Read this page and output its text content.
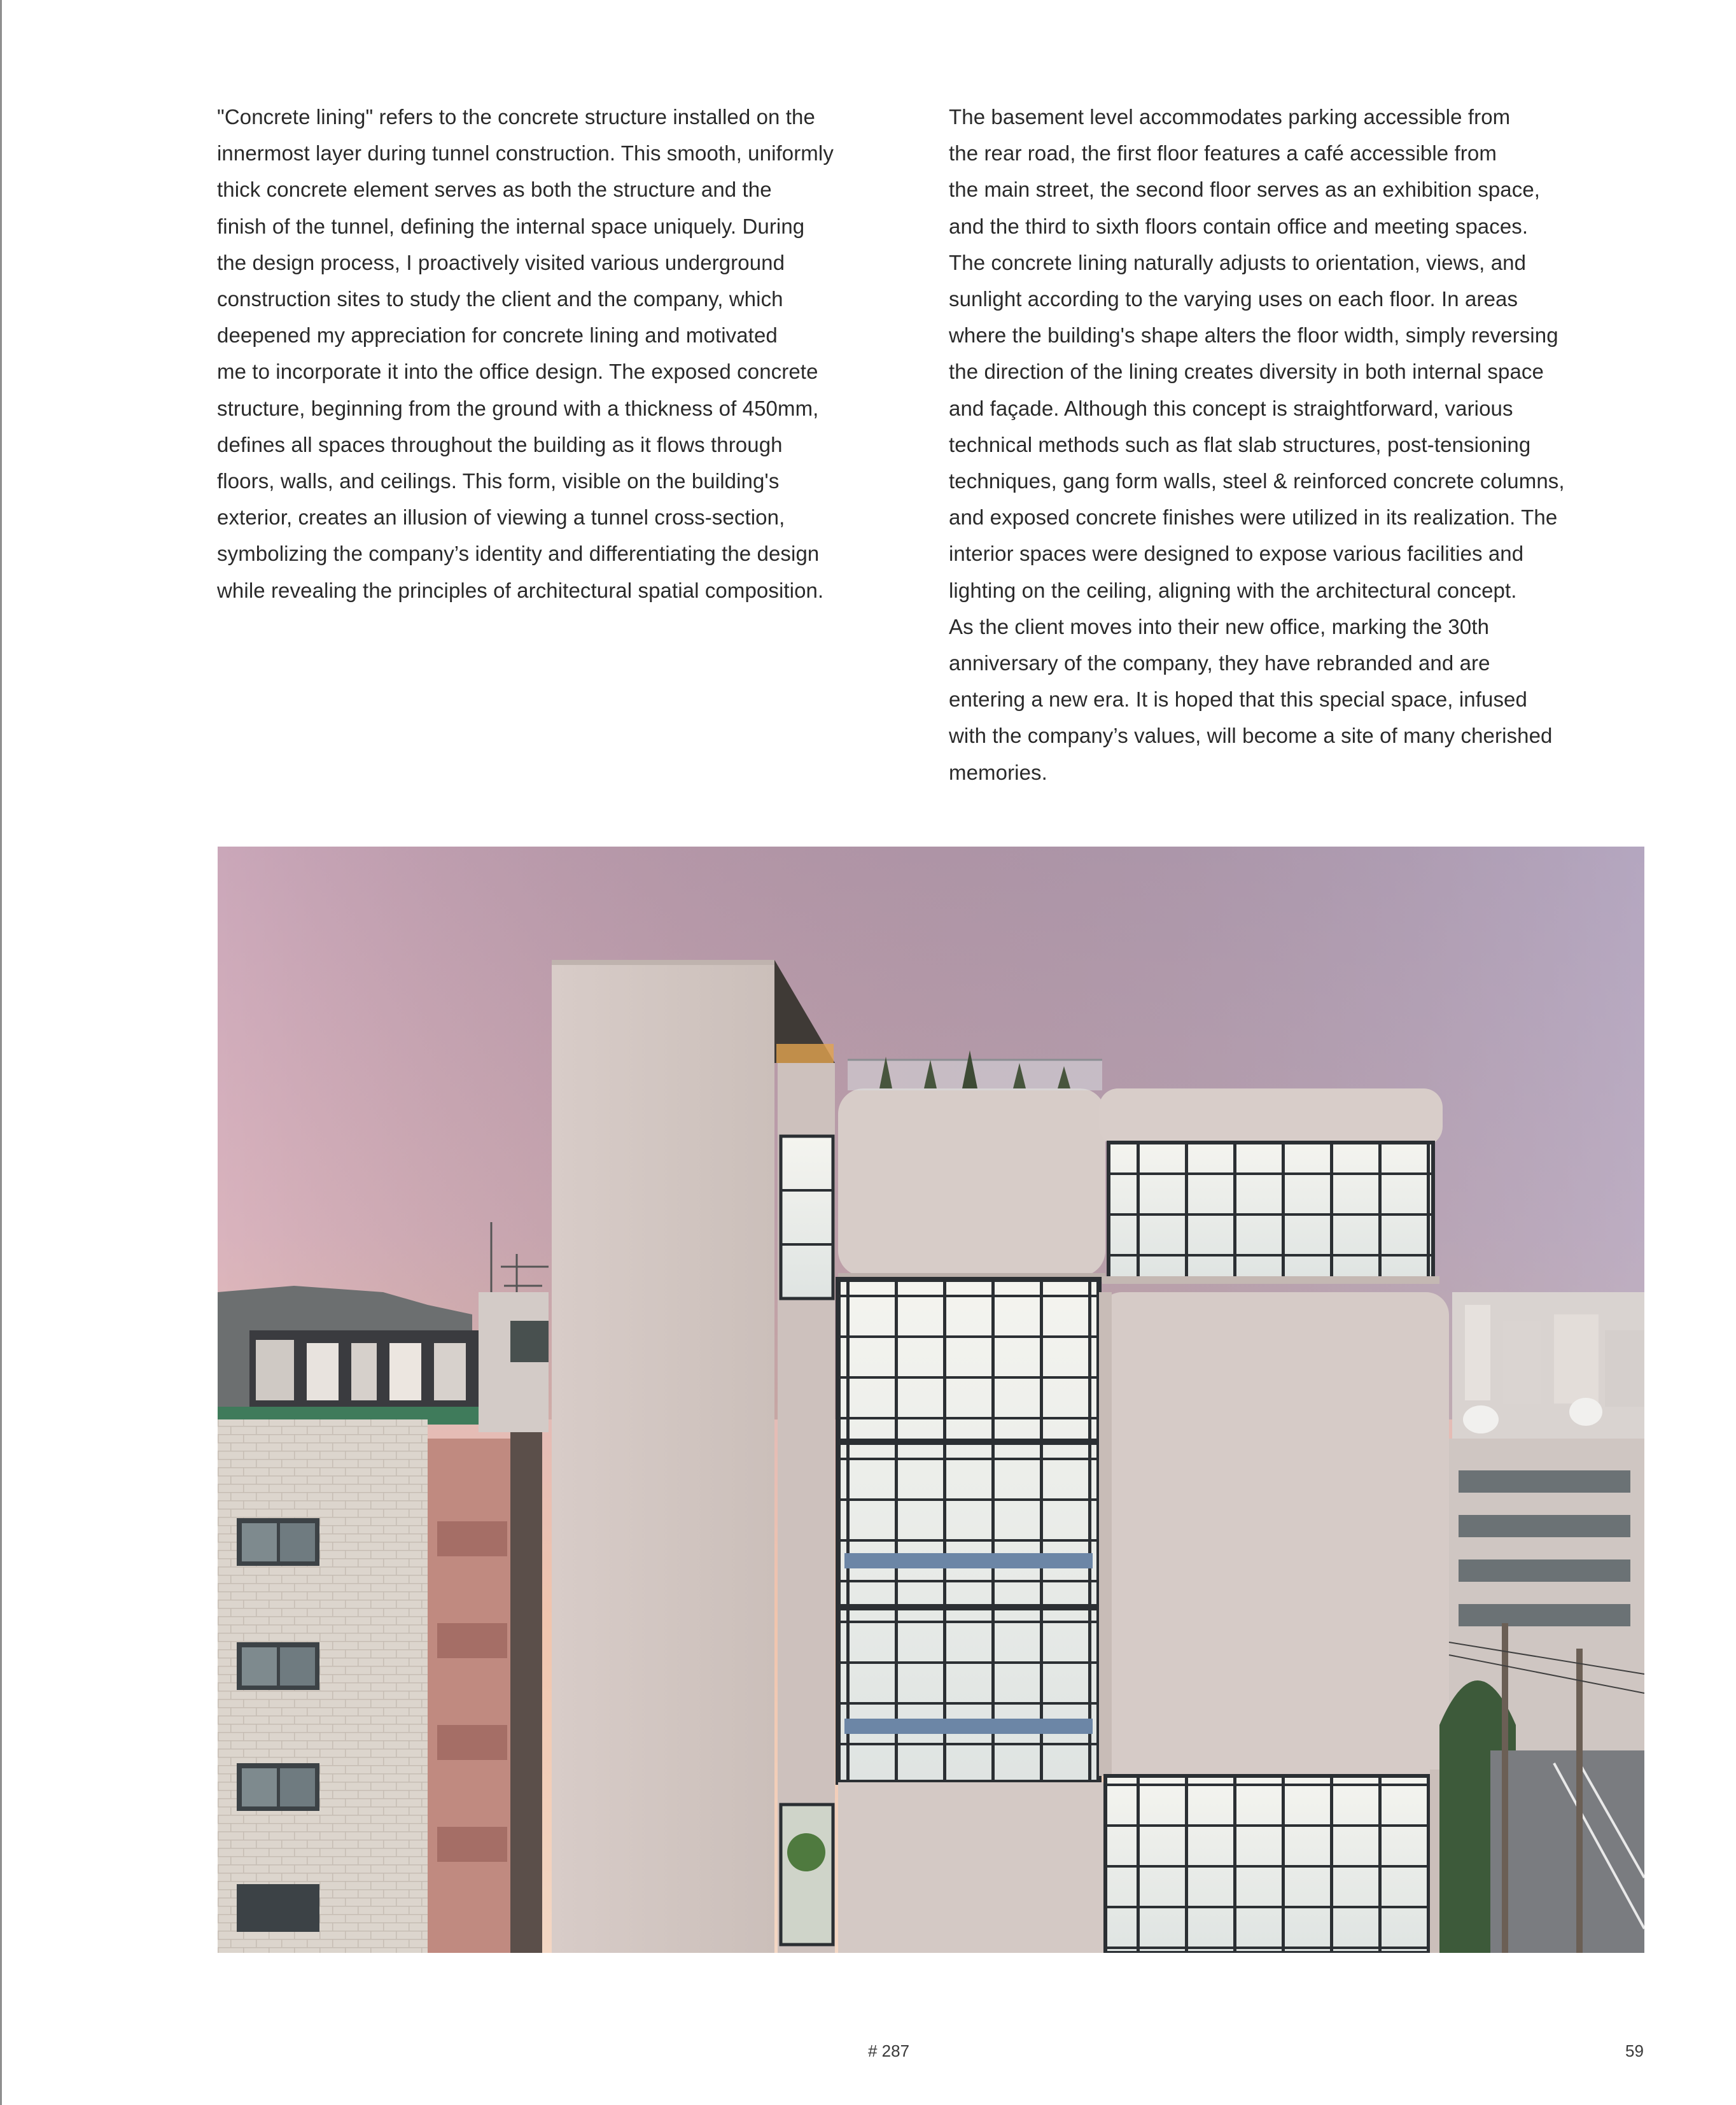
"Concrete lining" refers to the concrete structure installed on the
innermost layer during tunnel construction. This smooth, uniformly
thick concrete element serves as both the structure and the
finish of the tunnel, defining the internal space uniquely. During
the design process, I proactively visited various underground
construction sites to study the client and the company, which
deepened my appreciation for concrete lining and motivated
me to incorporate it into the office design. The exposed concrete
structure, beginning from the ground with a thickness of 450mm,
defines all spaces throughout the building as it flows through
floors, walls, and ceilings. This form, visible on the building's
exterior, creates an illusion of viewing a tunnel cross-section,
symbolizing the company’s identity and differentiating the design
while revealing the principles of architectural spatial composition.
The basement level accommodates parking accessible from
the rear road, the first floor features a café accessible from
the main street, the second floor serves as an exhibition space,
and the third to sixth floors contain office and meeting spaces.
The concrete lining naturally adjusts to orientation, views, and
sunlight according to the varying uses on each floor. In areas
where the building's shape alters the floor width, simply reversing
the direction of the lining creates diversity in both internal space
and façade. Although this concept is straightforward, various
technical methods such as flat slab structures, post-tensioning
techniques, gang form walls, steel & reinforced concrete columns,
and exposed concrete finishes were utilized in its realization. The
interior spaces were designed to expose various facilities and
lighting on the ceiling, aligning with the architectural concept.
As the client moves into their new office, marking the 30th
anniversary of the company, they have rebranded and are
entering a new era. It is hoped that this special space, infused
with the company’s values, will become a site of many cherished
memories.
# 287	59
